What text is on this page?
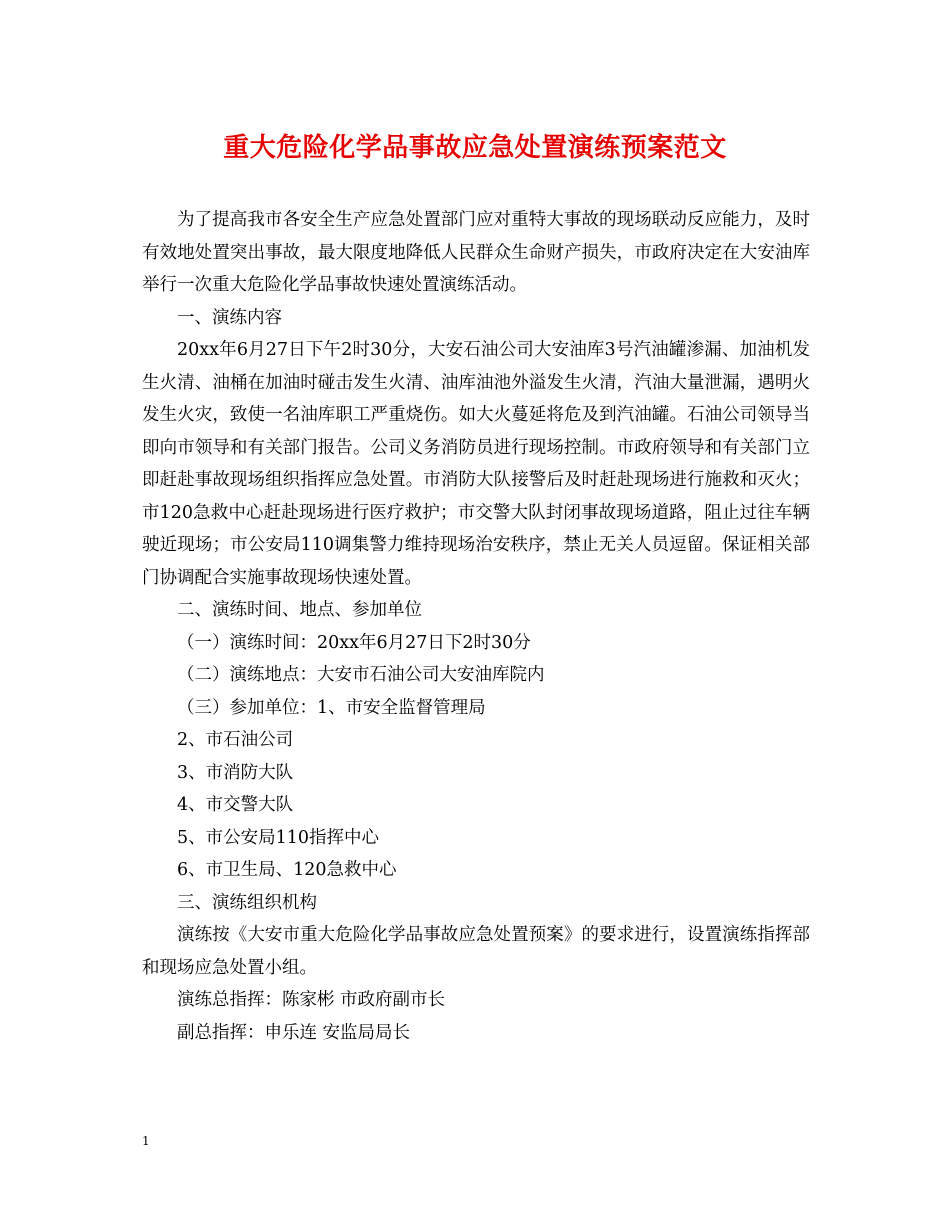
重大危险化学品事故应急处置演练预案范文

为了提高我市各安全生产应急处置部门应对重特大事故的现场联动反应能力，及时有效地处置突出事故，最大限度地降低人民群众生命财产损失，市政府决定在大安油库举行一次重大危险化学品事故快速处置演练活动。

一、演练内容

20xx年6月27日下午2时30分，大安石油公司大安油库3号汽油罐渗漏、加油机发生火清、油桶在加油时碰击发生火清、油库油池外溢发生火清，汽油大量泄漏，遇明火发生火灾，致使一名油库职工严重烧伤。如大火蔓延将危及到汽油罐。石油公司领导当即向市领导和有关部门报告。公司义务消防员进行现场控制。市政府领导和有关部门立即赶赴事故现场组织指挥应急处置。市消防大队接警后及时赶赴现场进行施救和灭火；市120急救中心赶赴现场进行医疗救护；市交警大队封闭事故现场道路，阻止过往车辆驶近现场；市公安局110调集警力维持现场治安秩序，禁止无关人员逗留。保证相关部门协调配合实施事故现场快速处置。

二、演练时间、地点、参加单位

（一）演练时间：20xx年6月27日下2时30分

（二）演练地点：大安市石油公司大安油库院内

（三）参加单位：1、市安全监督管理局

2、市石油公司

3、市消防大队

4、市交警大队

5、市公安局110指挥中心

6、市卫生局、120急救中心

三、演练组织机构

演练按《大安市重大危险化学品事故应急处置预案》的要求进行，设置演练指挥部和现场应急处置小组。

演练总指挥：陈家彬 市政府副市长

副总指挥：申乐连 安监局局长

1
